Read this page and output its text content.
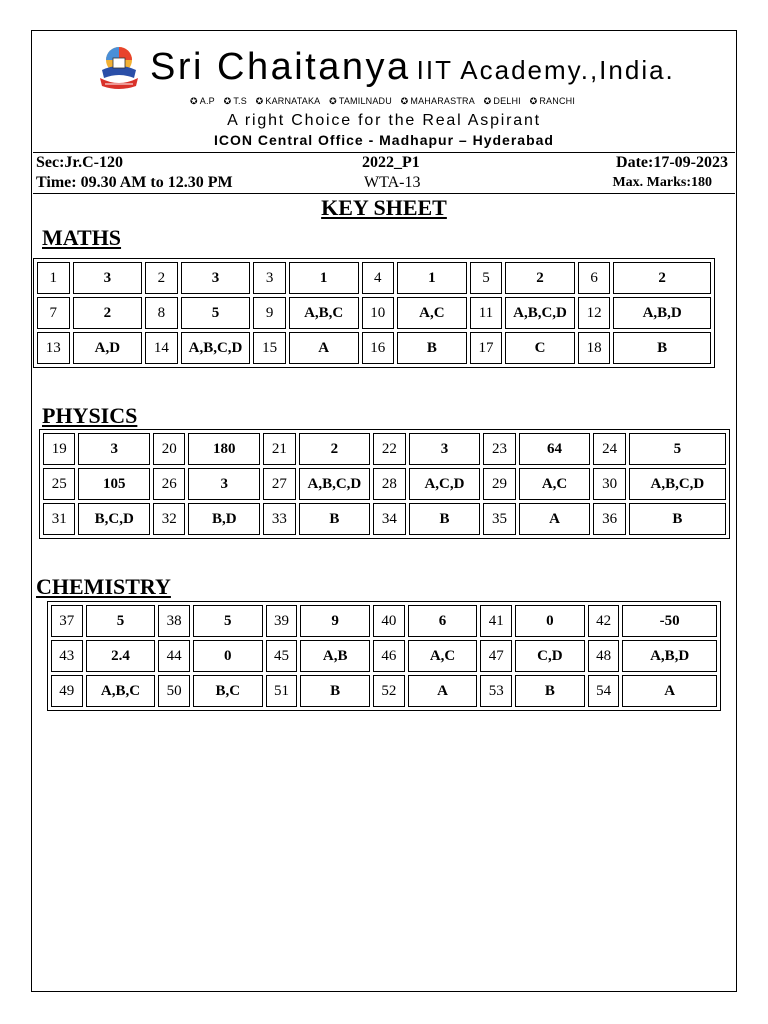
Sri Chaitanya IIT Academy.,India.
✪ A.P ✪ T.S ✪ KARNATAKA ✪ TAMILNADU ✪ MAHARASTRA ✪ DELHI ✪ RANCHI
A right Choice for the Real Aspirant
ICON Central Office - Madhapur – Hyderabad
Sec:Jr.C-120	2022_P1	Date:17-09-2023
Time: 09.30 AM to 12.30 PM	WTA-13	Max. Marks:180
KEY SHEET
MATHS
1	3	2	3	3	1	4	1	5	2	6	2
7	2	8	5	9	A,B,C	10	A,C	11	A,B,C,D	12	A,B,D
13	A,D	14	A,B,C,D	15	A	16	B	17	C	18	B
PHYSICS
19	3	20	180	21	2	22	3	23	64	24	5
25	105	26	3	27	A,B,C,D	28	A,C,D	29	A,C	30	A,B,C,D
31	B,C,D	32	B,D	33	B	34	B	35	A	36	B
CHEMISTRY
37	5	38	5	39	9	40	6	41	0	42	-50
43	2.4	44	0	45	A,B	46	A,C	47	C,D	48	A,B,D
49	A,B,C	50	B,C	51	B	52	A	53	B	54	A
